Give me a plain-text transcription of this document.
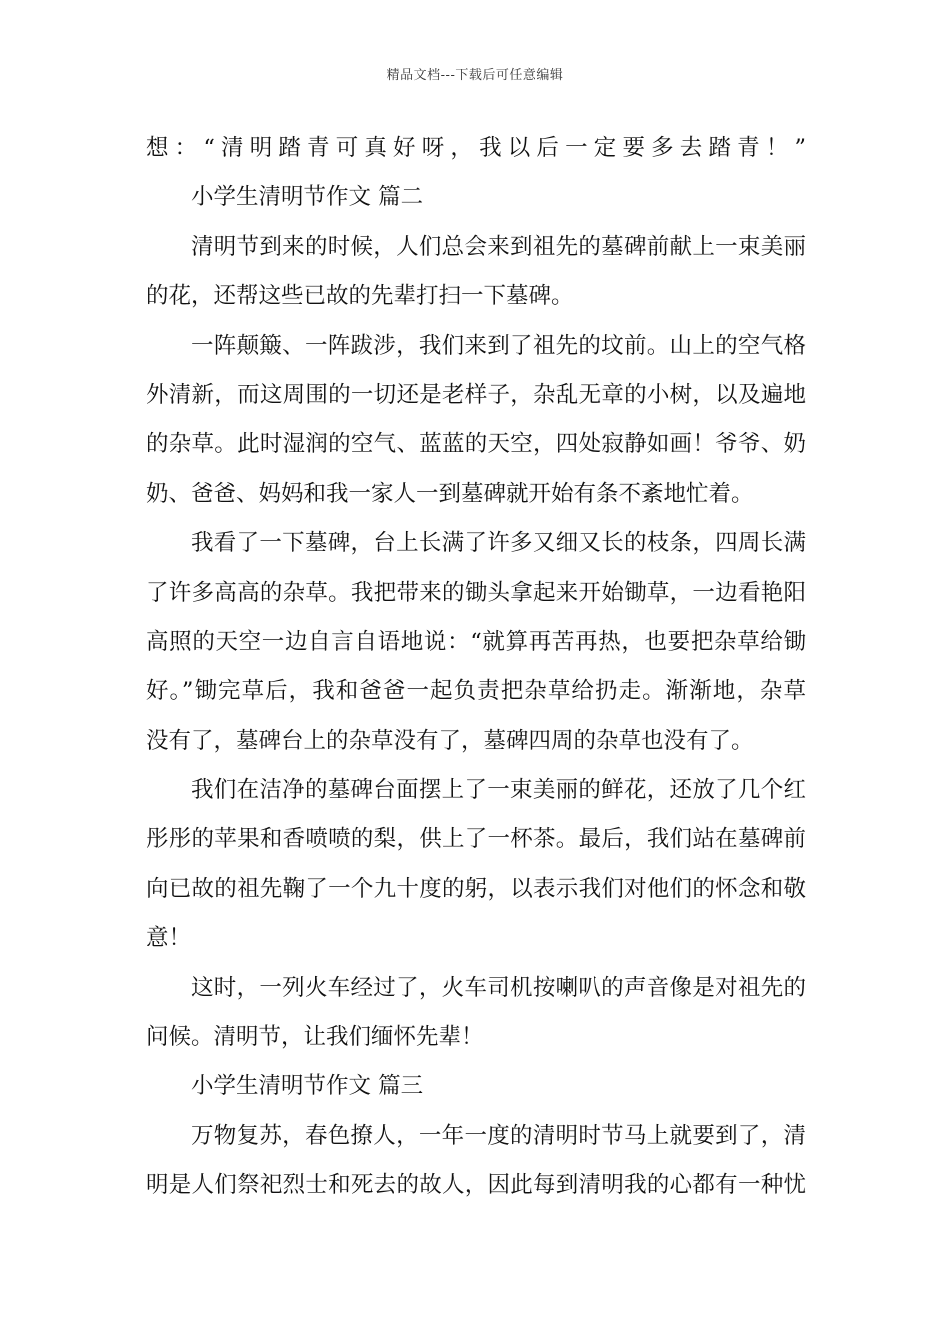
精品文档---下载后可任意编辑
想：“清明踏青可真好呀，我以后一定要多去踏青！”
小学生清明节作文 篇二
清明节到来的时候，人们总会来到祖先的墓碑前献上一束美丽
的花，还帮这些已故的先辈打扫一下墓碑。
一阵颠簸、一阵跋涉，我们来到了祖先的坟前。山上的空气格
外清新，而这周围的一切还是老样子，杂乱无章的小树，以及遍地
的杂草。此时湿润的空气、蓝蓝的天空，四处寂静如画！爷爷、奶
奶、爸爸、妈妈和我一家人一到墓碑就开始有条不紊地忙着。
我看了一下墓碑，台上长满了许多又细又长的枝条，四周长满
了许多高高的杂草。我把带来的锄头拿起来开始锄草，一边看艳阳
高照的天空一边自言自语地说：“就算再苦再热，也要把杂草给锄
好。”锄完草后，我和爸爸一起负责把杂草给扔走。渐渐地，杂草
没有了，墓碑台上的杂草没有了，墓碑四周的杂草也没有了。
我们在洁净的墓碑台面摆上了一束美丽的鲜花，还放了几个红
彤彤的苹果和香喷喷的梨，供上了一杯茶。最后，我们站在墓碑前
向已故的祖先鞠了一个九十度的躬，以表示我们对他们的怀念和敬
意！
这时，一列火车经过了，火车司机按喇叭的声音像是对祖先的
问候。清明节，让我们缅怀先辈！
小学生清明节作文 篇三
万物复苏，春色撩人，一年一度的清明时节马上就要到了，清
明是人们祭祀烈士和死去的故人，因此每到清明我的心都有一种忧
